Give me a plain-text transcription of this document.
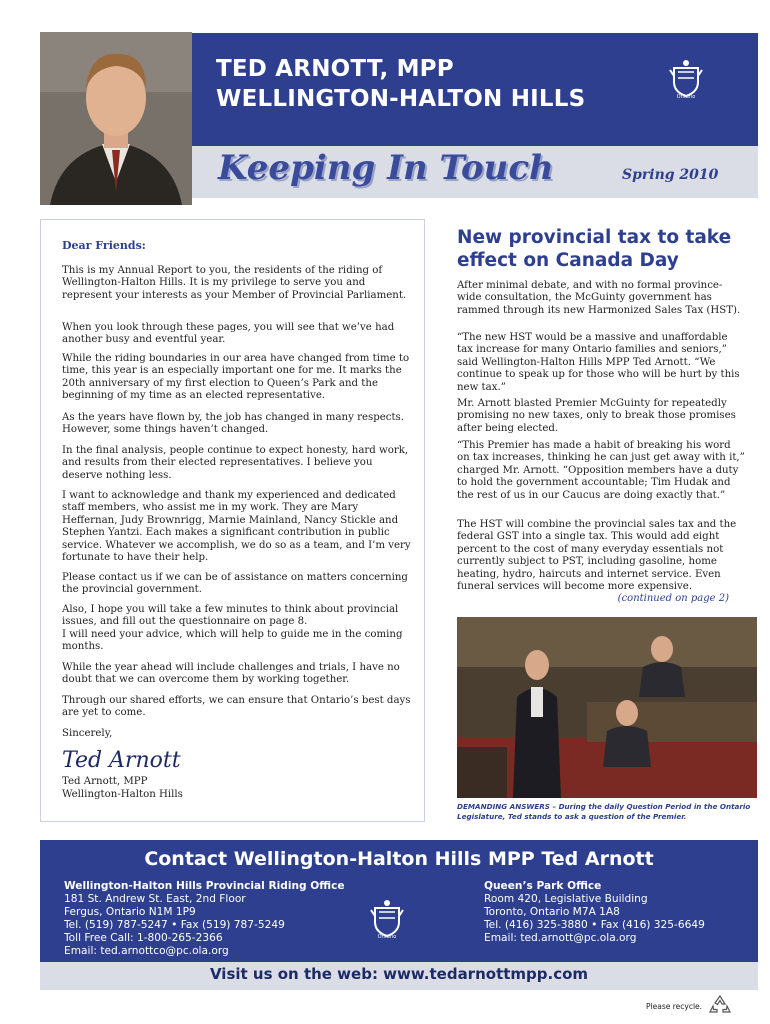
TED ARNOTT, MPP
WELLINGTON-HALTON HILLS	Ontario
Keeping In Touch	Spring 2010
Dear Friends:

This is my Annual Report to you, the residents of the riding of Wellington-Halton Hills. It is my privilege to serve you and represent your interests as your Member of Provincial Parliament.

When you look through these pages, you will see that we’ve had another busy and eventful year.

While the riding boundaries in our area have changed from time to time, this year is an especially important one for me. It marks the 20th anniversary of my first election to Queen’s Park and the beginning of my time as an elected representative.

As the years have flown by, the job has changed in many respects. However, some things haven’t changed.

In the final analysis, people continue to expect honesty, hard work, and results from their elected representatives. I believe you deserve nothing less.

I want to acknowledge and thank my experienced and dedicated staff members, who assist me in my work. They are Mary Heffernan, Judy Brownrigg, Marnie Mainland, Nancy Stickle and Stephen Yantzi. Each makes a significant contribution in public service. Whatever we accomplish, we do so as a team, and I’m very fortunate to have their help.

Please contact us if we can be of assistance on matters concerning the provincial government.

Also, I hope you will take a few minutes to think about provincial issues, and fill out the questionnaire on page 8.

I will need your advice, which will help to guide me in the coming months.

While the year ahead will include challenges and trials, I have no doubt that we can overcome them by working together.

Through our shared efforts, we can ensure that Ontario’s best days are yet to come.

Sincerely,

Ted Arnott

Ted Arnott, MPP

Wellington-Halton Hills

New provincial tax to take
effect on Canada Day

After minimal debate, and with no formal province-wide consultation, the McGuinty government has rammed through its new Harmonized Sales Tax (HST).

“The new HST would be a massive and unaffordable tax increase for many Ontario families and seniors,” said Wellington-Halton Hills MPP Ted Arnott. “We continue to speak up for those who will be hurt by this new tax.”

Mr. Arnott blasted Premier McGuinty for repeatedly promising no new taxes, only to break those promises after being elected.

“This Premier has made a habit of breaking his word on tax increases, thinking he can just get away with it,” charged Mr. Arnott. “Opposition members have a duty to hold the government accountable; Tim Hudak and the rest of us in our Caucus are doing exactly that.”

The HST will combine the provincial sales tax and the federal GST into a single tax. This would add eight percent to the cost of many everyday essentials not currently subject to PST, including gasoline, home heating, hydro, haircuts and internet service. Even funeral services will become more expensive.

(continued on page 2)
DEMANDING ANSWERS – During the daily Question Period in the Ontario Legislature, Ted stands to ask a question of the Premier.
Contact Wellington-Halton Hills MPP Ted Arnott
Wellington-Halton Hills Provincial Riding Office
181 St. Andrew St. East, 2nd Floor
Fergus, Ontario N1M 1P9
Tel. (519) 787-5247 • Fax (519) 787-5249
Toll Free Call: 1-800-265-2366
Email: ted.arnottco@pc.ola.org
Ontario
Queen’s Park Office
Room 420, Legislative Building
Toronto, Ontario M7A 1A8
Tel. (416) 325-3880 • Fax (416) 325-6649
Email: ted.arnott@pc.ola.org
Visit us on the web: www.tedarnottmpp.com
Please recycle.
